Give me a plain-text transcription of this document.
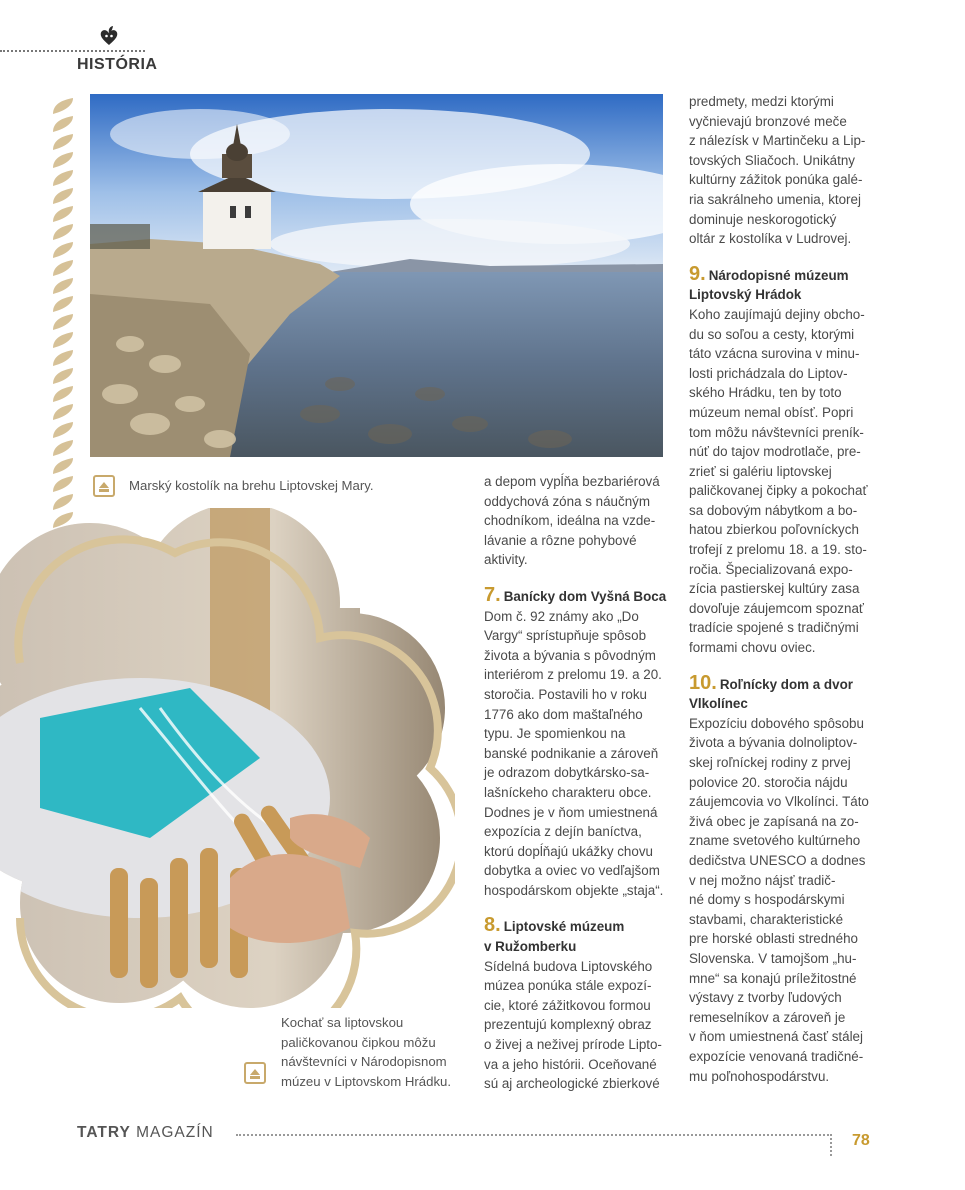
HISTÓRIA
Marský kostolík na brehu Liptovskej Mary.
Kochať sa liptovskou
paličkovanou čipkou môžu
návštevníci v Národopisnom
múzeu v Liptovskom Hrádku.

a depom vypĺňa bezbariérová
oddychová zóna s náučným
chodníkom, ideálna na vzde-
lávanie a rôzne pohybové
aktivity.

7. Banícky dom Vyšná Boca

Dom č. 92 známy ako „Do
Vargy“ sprístupňuje spôsob
života a bývania s pôvodným
interiérom z prelomu 19. a 20.
storočia. Postavili ho v roku
1776 ako dom maštaľného
typu. Je spomienkou na
banské podnikanie a zároveň
je odrazom dobytkársko-sa-
lašníckeho charakteru obce.
Dodnes je v ňom umiestnená
expozícia z dejín baníctva,
ktorú dopĺňajú ukážky chovu
dobytka a oviec vo vedľajšom
hospodárskom objekte „staja“.

8. Liptovské múzeum
v Ružomberku

Sídelná budova Liptovského
múzea ponúka stále expozí-
cie, ktoré zážitkovou formou
prezentujú komplexný obraz
o živej a neživej prírode Lipto-
va a jeho histórii. Oceňované
sú aj archeologické zbierkové

predmety, medzi ktorými
vyčnievajú bronzové meče
z nálezísk v Martinčeku a Lip-
tovských Sliačoch. Unikátny
kultúrny zážitok ponúka galé-
ria sakrálneho umenia, ktorej
dominuje neskorogotický
oltár z kostolíka v Ludrovej.

9. Národopisné múzeum
Liptovský Hrádok

Koho zaujímajú dejiny obcho-
du so soľou a cesty, ktorými
táto vzácna surovina v minu-
losti prichádzala do Liptov-
ského Hrádku, ten by toto
múzeum nemal obísť. Popri
tom môžu návštevníci preník-
núť do tajov modrotlače, pre-
zrieť si galériu liptovskej
paličkovanej čipky a pokochať
sa dobovým nábytkom a bo-
hatou zbierkou poľovníckych
trofejí z prelomu 18. a 19. sto-
ročia. Špecializovaná expo-
zícia pastierskej kultúry zasa
dovoľuje záujemcom spoznať
tradície spojené s tradičnými
formami chovu oviec.

10. Roľnícky dom a dvor
Vlkolínec

Expozíciu dobového spôsobu
života a bývania dolnoliptov-
skej roľníckej rodiny z prvej
polovice 20. storočia nájdu
záujemcovia vo Vlkolínci. Táto
živá obec je zapísaná na zo-
zname svetového kultúrneho
dedičstva UNESCO a dodnes
v nej možno nájsť tradič-
né domy s hospodárskymi
stavbami, charakteristické
pre horské oblasti stredného
Slovenska. V tamojšom „hu-
mne“ sa konajú príležitostné
výstavy z tvorby ľudových
remeselníkov a zároveň je
v ňom umiestnená časť stálej
expozície venovaná tradičné-
mu poľnohospodárstvu.

TATRY MAGAZÍN	78
